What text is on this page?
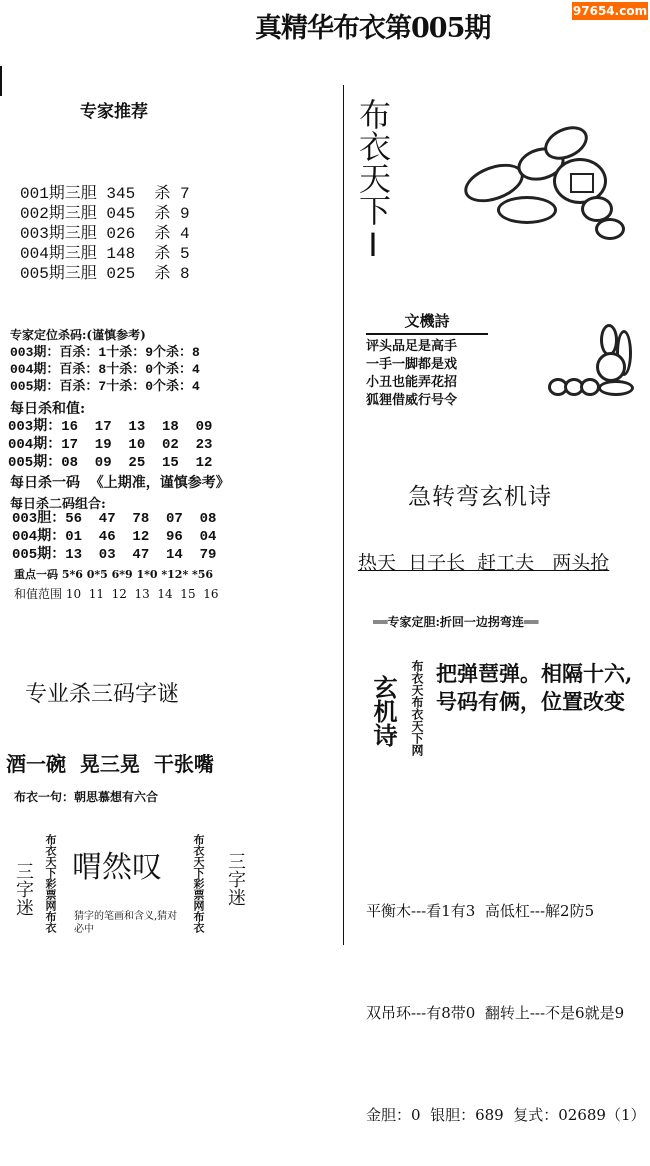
97654.com
真精华布衣第005期
专家推荐
001期三胆 345  杀 7
002期三胆 045  杀 9
003期三胆 026  杀 4
004期三胆 148  杀 5
005期三胆 025  杀 8
专家定位杀码:(谨慎参考)
003期：百杀：1十杀：9个杀：8
004期：百杀：8十杀：0个杀：4
005期：百杀：7十杀：0个杀：4
每日杀和值:
003期：16  17  13  18  09
004期：17  19  10  02  23
005期：08  09  25  15  12
每日杀一码  《上期准，谨慎参考》
每日杀二码组合:
003胆：56  47  78  07  08
004期：01  46  12  96  04
005期：13  03  47  14  79
重点一码 5*6 0*5 6*9 1*0 *12* *56
和值范围 10  11  12  13  14  15  16
专业杀三码字谜
酒一碗  晃三晃  干张嘴
布衣一句：朝思慕想有六合
三字迷 布衣天下彩票网布衣 喟然叹
猜字的笔画和含义,猜对必中	布衣天下彩票网布衣 三字迷
布衣天下I
文機詩
评头品足是高手
一手一脚都是戏
小丑也能弄花招
狐狸借威行号令
急转弯玄机诗
热天  日子长  赶工夫   两头抢
══专家定胆:折回一边拐弯连══
玄机诗 布衣天布衣天下网 把弹琶弹。相隔十六,
号码有俩，位置改变

平衡木---看1有3  高低杠---解2防5

双吊环---有8带0  翻转上---不是6就是9

金胆：0  银胆：689  复式：02689（1）
